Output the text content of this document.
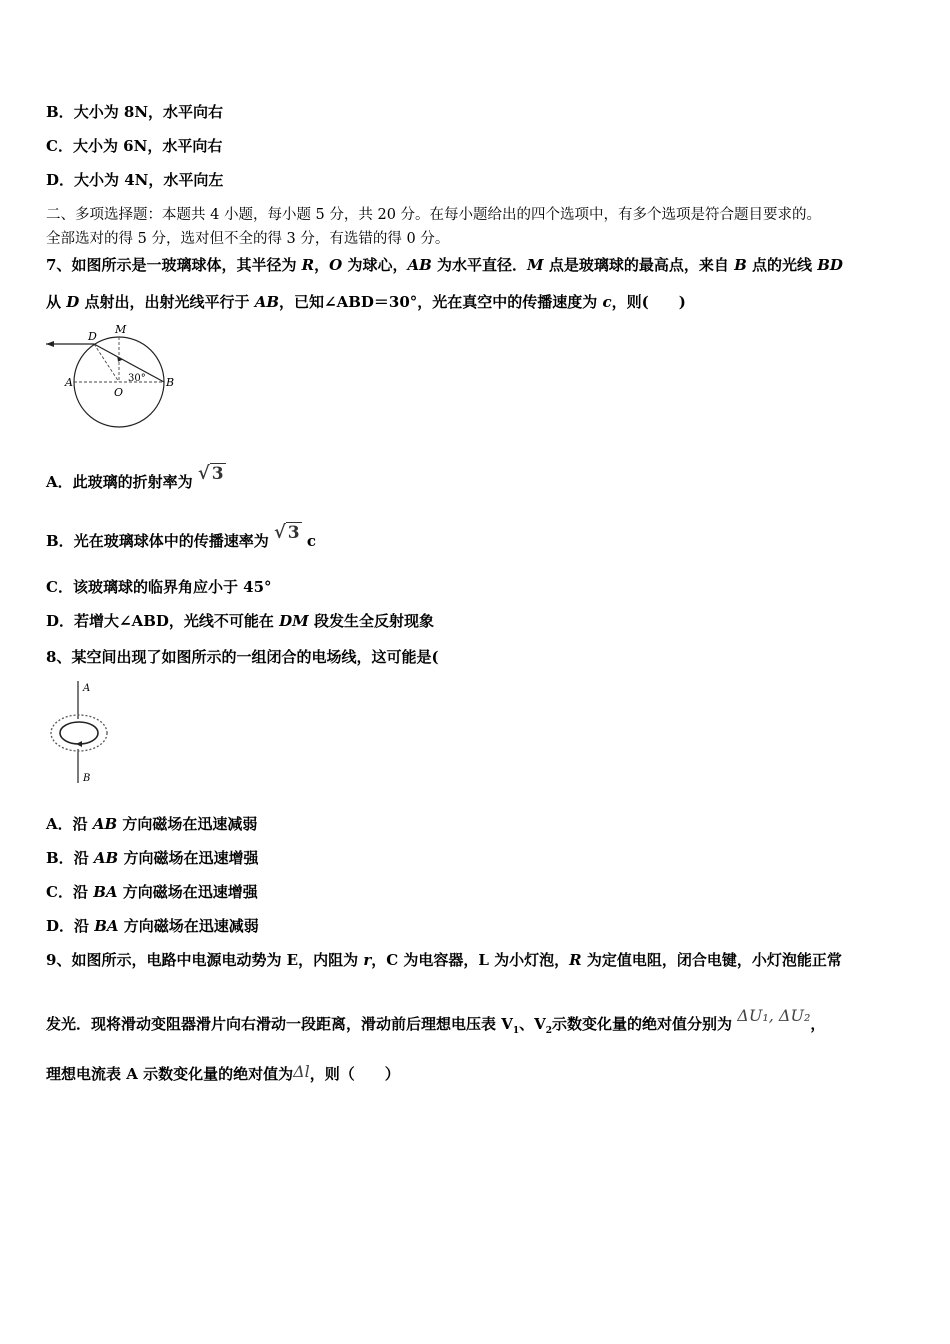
B．大小为 8N，水平向右
C．大小为 6N，水平向右
D．大小为 4N，水平向左
二、多项选择题：本题共 4 小题，每小题 5 分，共 20 分。在每小题给出的四个选项中，有多个选项是符合题目要求的。
全部选对的得 5 分，选对但不全的得 3 分，有选错的得 0 分。
7、如图所示是一玻璃球体，其半径为 R，O 为球心，AB 为水平直径．M 点是玻璃球的最高点，来自 B 点的光线 BD
从 D 点射出，出射光线平行于 AB，已知∠ABD＝30°，光在真空中的传播速度为 c，则(　　)
D
M
A
O
B
30°
A．此玻璃的折射率为 √ 3
B．光在玻璃球体中的传播速率为 √ 3 c
C．该玻璃球的临界角应小于 45°
D．若增大∠ABD，光线不可能在 DM 段发生全反射现象
8、某空间出现了如图所示的一组闭合的电场线，这可能是(
A
B
A．沿 AB 方向磁场在迅速减弱
B．沿 AB 方向磁场在迅速增强
C．沿 BA 方向磁场在迅速增强
D．沿 BA 方向磁场在迅速减弱
9、如图所示，电路中电源电动势为 E，内阻为 r，C 为电容器，L 为小灯泡，R 为定值电阻，闭合电键，小灯泡能正常
发光．现将滑动变阻器滑片向右滑动一段距离，滑动前后理想电压表 $V_1$、$V_2$示数变化量的绝对值分别为 ΔU₁, ΔU₂，
理想电流表 A 示数变化量的绝对值为Δl，则（　　）
